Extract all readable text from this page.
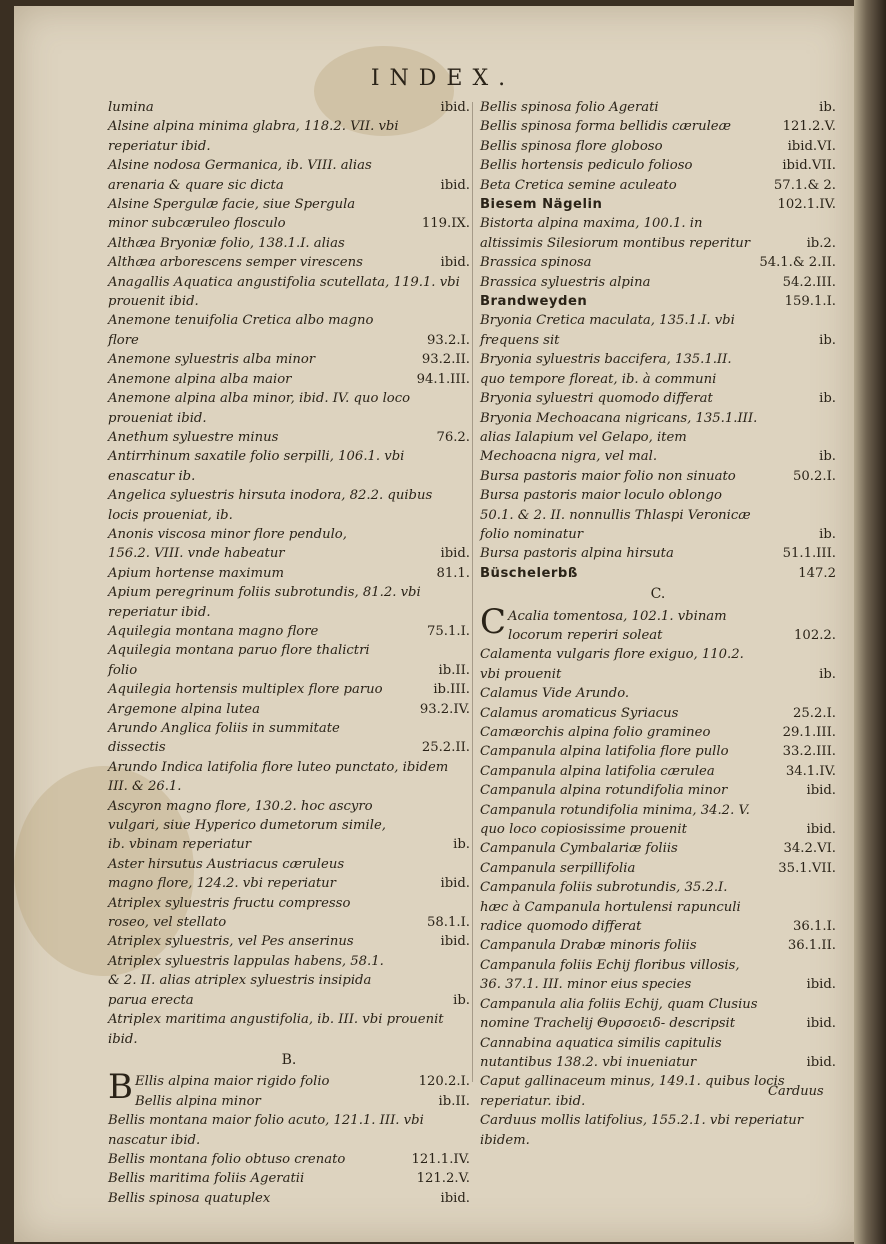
INDEX.
lumina	ibid.
Alsine alpina minima glabra, 118.2. VII. vbi reperiatur ibid.
Alsine nodosa Germanica, ib. VIII. alias arenaria & quare sic dicta	ibid.
Alsine Spergulæ facie, siue Spergula minor subcæruleo flosculo	119.IX.
Althæa Bryoniæ folio, 138.1.I. alias Althæa arborescens semper virescens	ibid.
Anagallis Aquatica angustifolia scutellata, 119.1. vbi prouenit ibid.
Anemone tenuifolia Cretica albo magno flore	93.2.I.
Anemone syluestris alba minor	93.2.II.
Anemone alpina alba maior	94.1.III.
Anemone alpina alba minor, ibid. IV. quo loco proueniat ibid.
Anethum syluestre minus	76.2.
Antirrhinum saxatile folio serpilli, 106.1. vbi enascatur ib.
Angelica syluestris hirsuta inodora, 82.2. quibus locis proueniat, ib.
Anonis viscosa minor flore pendulo, 156.2. VIII. vnde habeatur	ibid.
Apium hortense maximum	81.1.
Apium peregrinum foliis subrotundis, 81.2. vbi reperiatur ibid.
Aquilegia montana magno flore	75.1.I.
Aquilegia montana paruo flore thalictri folio	ib.II.
Aquilegia hortensis multiplex flore paruo	ib.III.
Argemone alpina lutea	93.2.IV.
Arundo Anglica foliis in summitate dissectis	25.2.II.
Arundo Indica latifolia flore luteo punctato, ibidem III. & 26.1.
Ascyron magno flore, 130.2. hoc ascyro vulgari, siue Hyperico dumetorum simile, ib. vbinam reperiatur	ib.
Aster hirsutus Austriacus cæruleus magno flore, 124.2. vbi reperiatur	ibid.
Atriplex syluestris fructu compresso roseo, vel stellato	58.1.I.
Atriplex syluestris, vel Pes anserinus	ibid.
Atriplex syluestris lappulas habens, 58.1. & 2. II. alias atriplex syluestris insipida parua erecta	ib.
Atriplex maritima angustifolia, ib. III. vbi prouenit ibid.
B.
B Ellis alpina maior rigido folio	120.2.I.
Bellis alpina minor	ib.II.
Bellis montana maior folio acuto, 121.1. III. vbi nascatur ibid.
Bellis montana folio obtuso crenato	121.1.IV.
Bellis maritima foliis Ageratii	121.2.V.
Bellis spinosa quatuplex	ibid.
Bellis spinosa folio Agerati	ib.
Bellis spinosa forma bellidis cæruleæ	121.2.V.
Bellis spinosa flore globoso	ibid.VI.
Bellis hortensis pediculo folioso	ibid.VII.
Beta Cretica semine aculeato	57.1.& 2.
Biesem Nägelin	102.1.IV.
Bistorta alpina maxima, 100.1. in altissimis Silesiorum montibus reperitur	ib.2.
Brassica spinosa	54.1.& 2.II.
Brassica syluestris alpina	54.2.III.
Brandweyden	159.1.I.
Bryonia Cretica maculata, 135.1.I. vbi frequens sit	ib.
Bryonia syluestris baccifera, 135.1.II. quo tempore floreat, ib. à communi Bryonia syluestri quomodo differat	ib.
Bryonia Mechoacana nigricans, 135.1.III. alias Ialapium vel Gelapo, item Mechoacna nigra, vel mal.	ib.
Bursa pastoris maior folio non sinuato	50.2.I.
Bursa pastoris maior loculo oblongo 50.1. & 2. II. nonnullis Thlaspi Veronicæ folio nominatur	ib.
Bursa pastoris alpina hirsuta	51.1.III.
Büschelerbß	147.2
C.
C Acalia tomentosa, 102.1. vbinam locorum reperiri soleat	102.2.
Calamenta vulgaris flore exiguo, 110.2. vbi prouenit	ib.
Calamus Vide Arundo.
Calamus aromaticus Syriacus	25.2.I.
Camæorchis alpina folio gramineo	29.1.III.
Campanula alpina latifolia flore pullo	33.2.III.
Campanula alpina latifolia cærulea	34.1.IV.
Campanula alpina rotundifolia minor	ibid.
Campanula rotundifolia minima, 34.2. V. quo loco copiosissime prouenit	ibid.
Campanula Cymbalariæ foliis	34.2.VI.
Campanula serpillifolia	35.1.VII.
Campanula foliis subrotundis, 35.2.I. hæc à Campanula hortulensi rapunculi radice quomodo differat	36.1.I.
Campanula Drabæ minoris foliis	36.1.II.
Campanula foliis Echij floribus villosis, 36. 37.1. III. minor eius species	ibid.
Campanula alia foliis Echij, quam Clusius nomine Trachelij Θυρσοειδ- descripsit	ibid.
Cannabina aquatica similis capitulis nutantibus 138.2. vbi inueniatur	ibid.
Caput gallinaceum minus, 149.1. quibus locis reperiatur. ibid.
Carduus mollis latifolius, 155.2.1. vbi reperiatur ibidem.
Carduus
